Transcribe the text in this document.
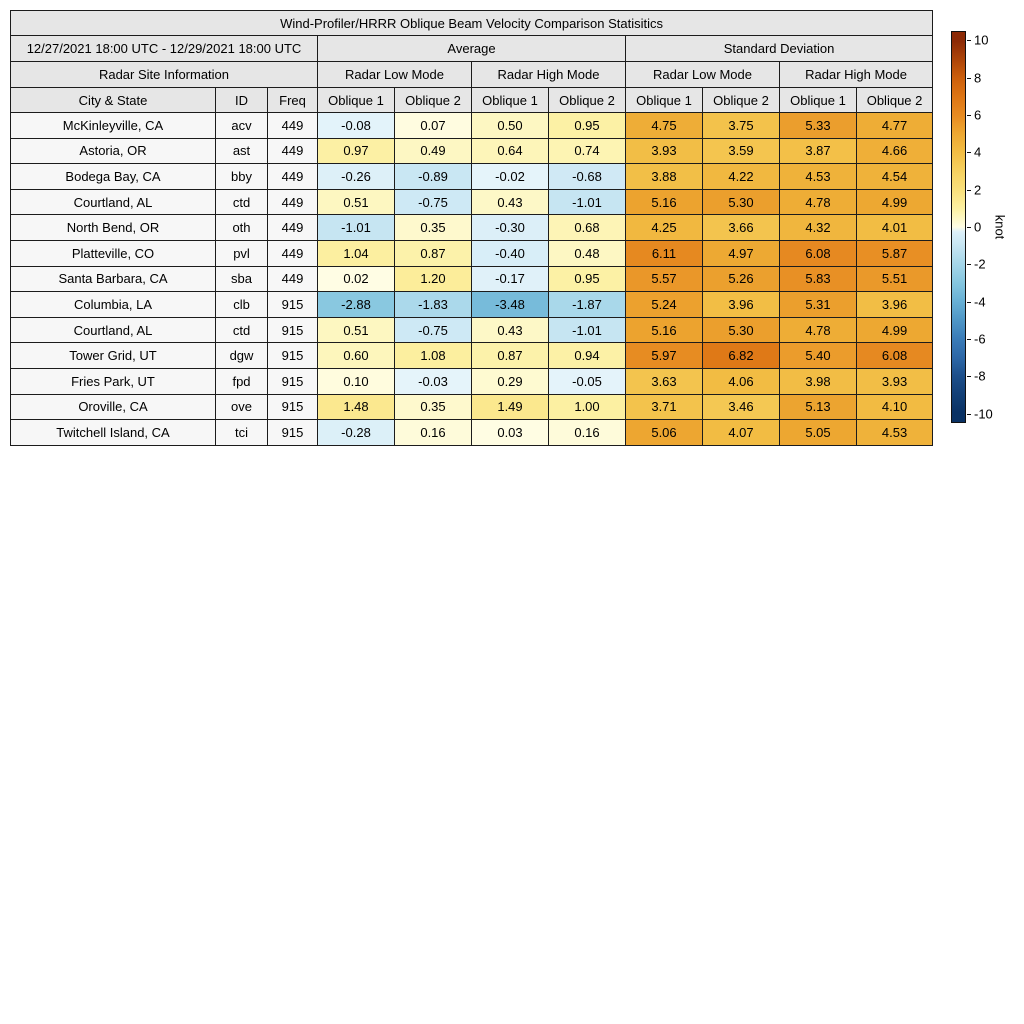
Wind-Profiler/HRRR Oblique Beam Velocity Comparison Statisitics										
12/27/2021 18:00 UTC - 12/29/2021 18:00 UTC			Average				Standard Deviation			
Radar Site Information			Radar Low Mode		Radar High Mode		Radar Low Mode		Radar High Mode	
City & State	ID	Freq	Oblique 1	Oblique 2	Oblique 1	Oblique 2	Oblique 1	Oblique 2	Oblique 1	Oblique 2
McKinleyville, CA	acv	449	-0.08	0.07	0.50	0.95	4.75	3.75	5.33	4.77
Astoria, OR	ast	449	0.97	0.49	0.64	0.74	3.93	3.59	3.87	4.66
Bodega Bay, CA	bby	449	-0.26	-0.89	-0.02	-0.68	3.88	4.22	4.53	4.54
Courtland, AL	ctd	449	0.51	-0.75	0.43	-1.01	5.16	5.30	4.78	4.99
North Bend, OR	oth	449	-1.01	0.35	-0.30	0.68	4.25	3.66	4.32	4.01
Platteville, CO	pvl	449	1.04	0.87	-0.40	0.48	6.11	4.97	6.08	5.87
Santa Barbara, CA	sba	449	0.02	1.20	-0.17	0.95	5.57	5.26	5.83	5.51
Columbia, LA	clb	915	-2.88	-1.83	-3.48	-1.87	5.24	3.96	5.31	3.96
Courtland, AL	ctd	915	0.51	-0.75	0.43	-1.01	5.16	5.30	4.78	4.99
Tower Grid, UT	dgw	915	0.60	1.08	0.87	0.94	5.97	6.82	5.40	6.08
Fries Park, UT	fpd	915	0.10	-0.03	0.29	-0.05	3.63	4.06	3.98	3.93
Oroville, CA	ove	915	1.48	0.35	1.49	1.00	3.71	3.46	5.13	4.10
Twitchell Island, CA	tci	915	-0.28	0.16	0.03	0.16	5.06	4.07	5.05	4.53
10
8
6
4
2
0
-2
-4
-6
-8
-10
knot
